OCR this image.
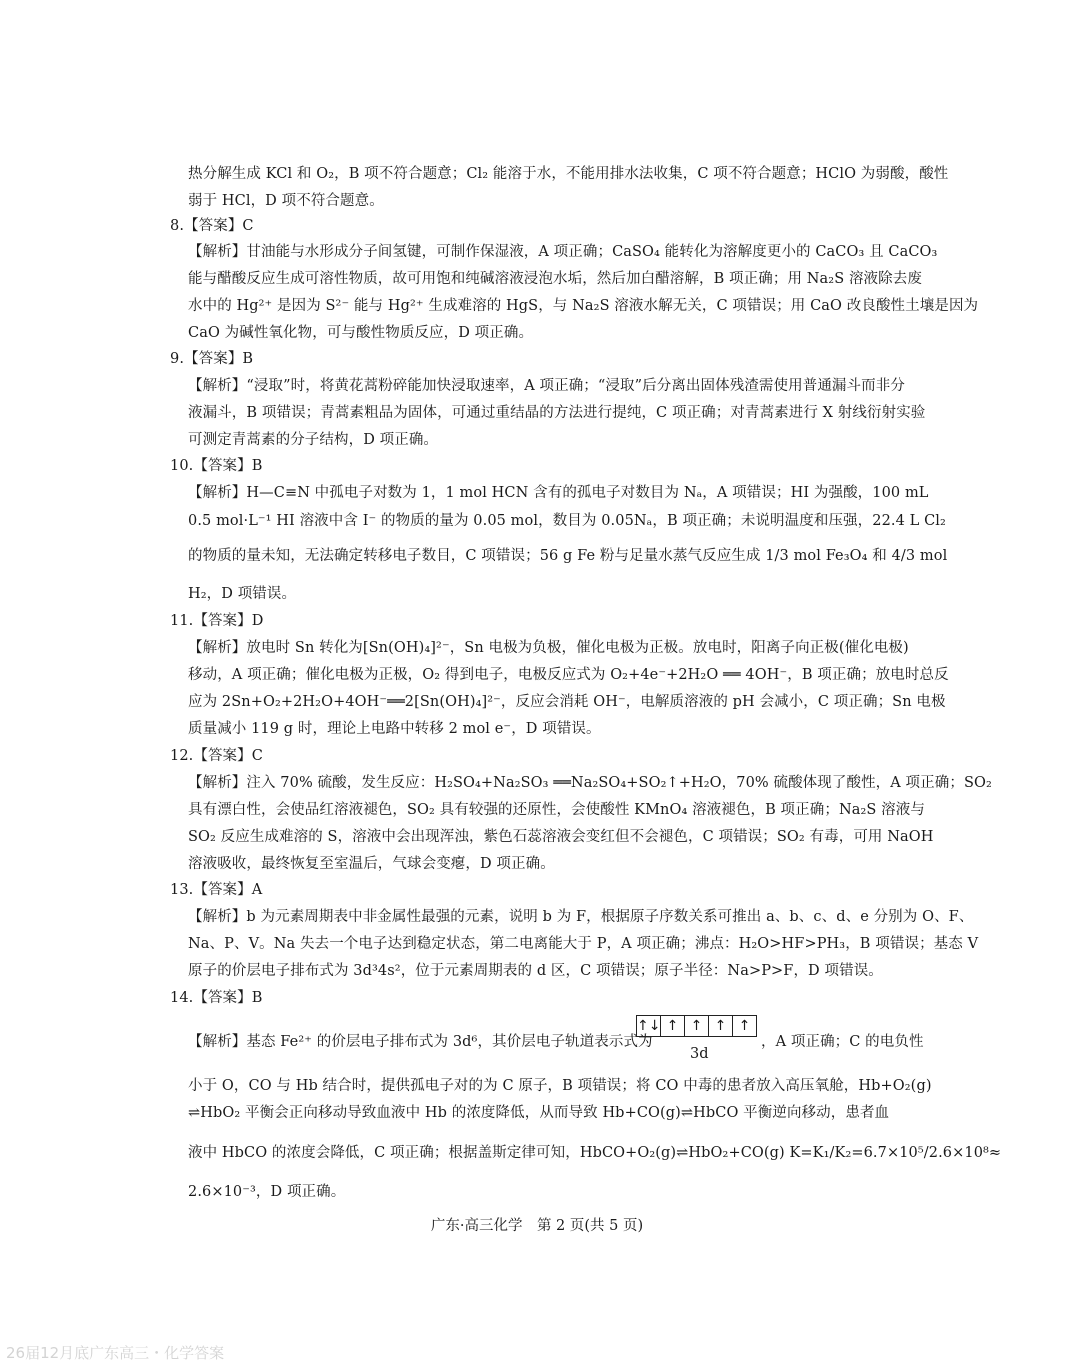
热分解生成 KCl 和 O₂，B 项不符合题意；Cl₂ 能溶于水，不能用排水法收集，C 项不符合题意；HClO 为弱酸，酸性
弱于 HCl，D 项不符合题意。
8.【答案】C
【解析】甘油能与水形成分子间氢键，可制作保湿液，A 项正确；CaSO₄ 能转化为溶解度更小的 CaCO₃ 且 CaCO₃
能与醋酸反应生成可溶性物质，故可用饱和纯碱溶液浸泡水垢，然后加白醋溶解，B 项正确；用 Na₂S 溶液除去废
水中的 Hg²⁺ 是因为 S²⁻ 能与 Hg²⁺ 生成难溶的 HgS，与 Na₂S 溶液水解无关，C 项错误；用 CaO 改良酸性土壤是因为
CaO 为碱性氧化物，可与酸性物质反应，D 项正确。
9.【答案】B
【解析】“浸取”时，将黄花蒿粉碎能加快浸取速率，A 项正确；“浸取”后分离出固体残渣需使用普通漏斗而非分
液漏斗，B 项错误；青蒿素粗品为固体，可通过重结晶的方法进行提纯，C 项正确；对青蒿素进行 X 射线衍射实验
可测定青蒿素的分子结构，D 项正确。
10.【答案】B
【解析】H—C≡N 中孤电子对数为 1，1 mol HCN 含有的孤电子对数目为 Nₐ，A 项错误；HI 为强酸，100 mL
0.5 mol·L⁻¹ HI 溶液中含 I⁻ 的物质的量为 0.05 mol，数目为 0.05Nₐ，B 项正确；未说明温度和压强，22.4 L Cl₂
的物质的量未知，无法确定转移电子数目，C 项错误；56 g Fe 粉与足量水蒸气反应生成 1/3 mol Fe₃O₄ 和 4/3 mol
H₂，D 项错误。
11.【答案】D
【解析】放电时 Sn 转化为[Sn(OH)₄]²⁻，Sn 电极为负极，催化电极为正极。放电时，阳离子向正极(催化电极)
移动，A 项正确；催化电极为正极，O₂ 得到电子，电极反应式为 O₂+4e⁻+2H₂O ══ 4OH⁻，B 项正确；放电时总反
应为 2Sn+O₂+2H₂O+4OH⁻══2[Sn(OH)₄]²⁻，反应会消耗 OH⁻，电解质溶液的 pH 会减小，C 项正确；Sn 电极
质量减小 119 g 时，理论上电路中转移 2 mol e⁻，D 项错误。
12.【答案】C
【解析】注入 70% 硫酸，发生反应：H₂SO₄+Na₂SO₃ ══Na₂SO₄+SO₂↑+H₂O，70% 硫酸体现了酸性，A 项正确；SO₂
具有漂白性，会使品红溶液褪色，SO₂ 具有较强的还原性，会使酸性 KMnO₄ 溶液褪色，B 项正确；Na₂S 溶液与
SO₂ 反应生成难溶的 S，溶液中会出现浑浊，紫色石蕊溶液会变红但不会褪色，C 项错误；SO₂ 有毒，可用 NaOH
溶液吸收，最终恢复至室温后，气球会变瘪，D 项正确。
13.【答案】A
【解析】b 为元素周期表中非金属性最强的元素，说明 b 为 F，根据原子序数关系可推出 a、b、c、d、e 分别为 O、F、
Na、P、V。Na 失去一个电子达到稳定状态，第二电离能大于 P，A 项正确；沸点：H₂O>HF>PH₃，B 项错误；基态 V
原子的价层电子排布式为 3d³4s²，位于元素周期表的 d 区，C 项错误；原子半径：Na>P>F，D 项错误。
14.【答案】B
【解析】基态 Fe²⁺ 的价层电子排布式为 3d⁶，其价层电子轨道表示式为	，A 项正确；C 的电负性
小于 O，CO 与 Hb 结合时，提供孤电子对的为 C 原子，B 项错误；将 CO 中毒的患者放入高压氧舱，Hb+O₂(g)
⇌HbO₂ 平衡会正向移动导致血液中 Hb 的浓度降低，从而导致 Hb+CO(g)⇌HbCO 平衡逆向移动，患者血
液中 HbCO 的浓度会降低，C 项正确；根据盖斯定律可知，HbCO+O₂(g)⇌HbO₂+CO(g) K=K₁/K₂=6.7×10⁵/2.6×10⁸≈
2.6×10⁻³，D 项正确。
↑↓ ↑ ↑ ↑ ↑
3d
广东·高三化学　第 2 页(共 5 页)
26届12月底广东高三・化学答案
